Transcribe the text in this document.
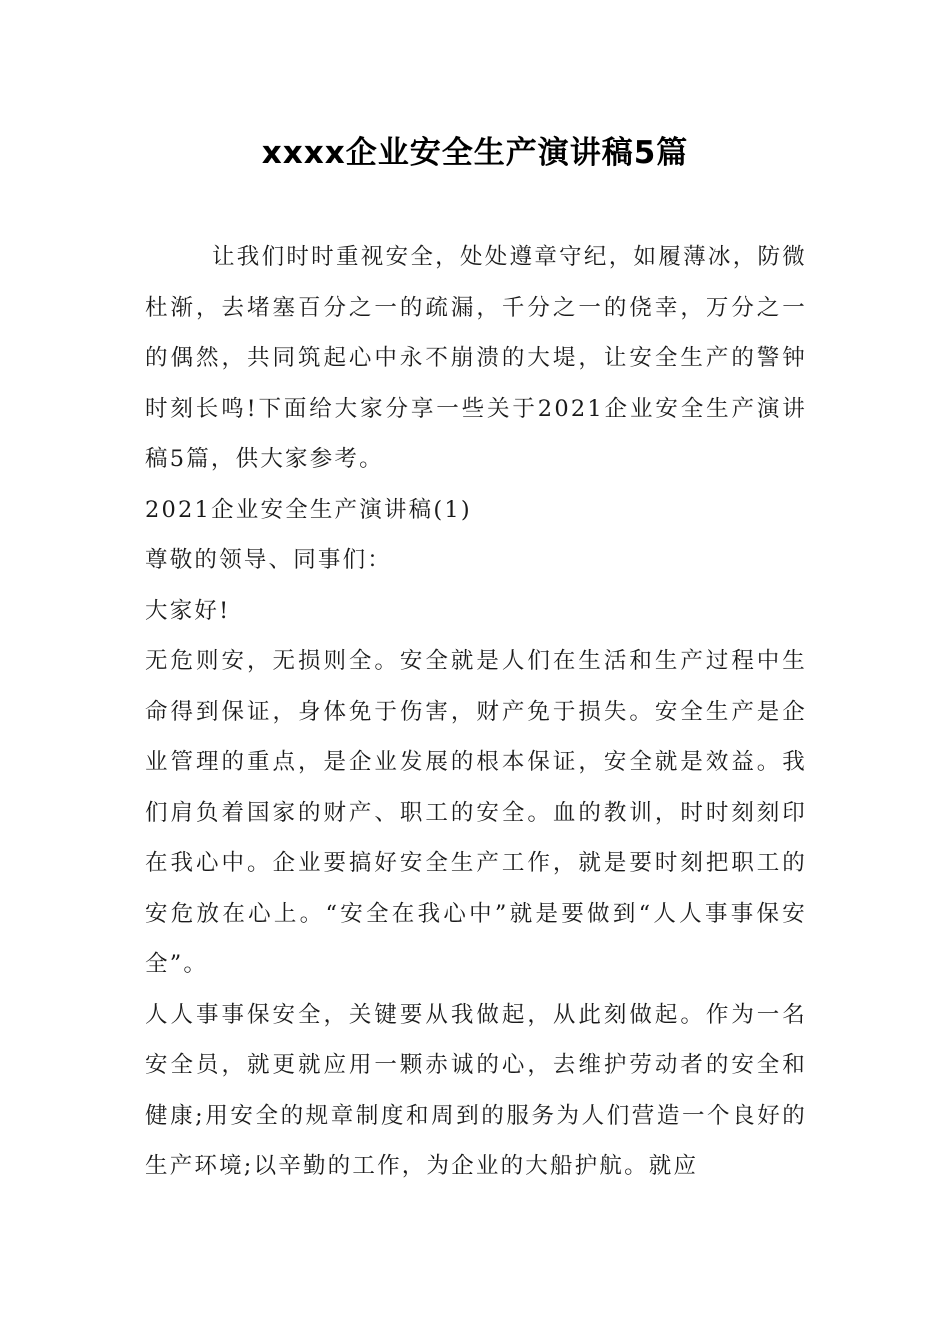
xxxx企业安全生产演讲稿5篇

让我们时时重视安全，处处遵章守纪，如履薄冰，防微杜渐，去堵塞百分之一的疏漏，千分之一的侥幸，万分之一的偶然，共同筑起心中永不崩溃的大堤，让安全生产的警钟时刻长鸣!下面给大家分享一些关于2021企业安全生产演讲稿5篇，供大家参考。

2021企业安全生产演讲稿(1)

尊敬的领导、同事们：

大家好!

无危则安，无损则全。安全就是人们在生活和生产过程中生命得到保证，身体免于伤害，财产免于损失。安全生产是企业管理的重点，是企业发展的根本保证，安全就是效益。我们肩负着国家的财产、职工的安全。血的教训，时时刻刻印在我心中。企业要搞好安全生产工作，就是要时刻把职工的安危放在心上。“安全在我心中”就是要做到“人人事事保安全”。

人人事事保安全，关键要从我做起，从此刻做起。作为一名安全员，就更就应用一颗赤诚的心，去维护劳动者的安全和健康;用安全的规章制度和周到的服务为人们营造一个良好的生产环境;以辛勤的工作，为企业的大船护航。就应
